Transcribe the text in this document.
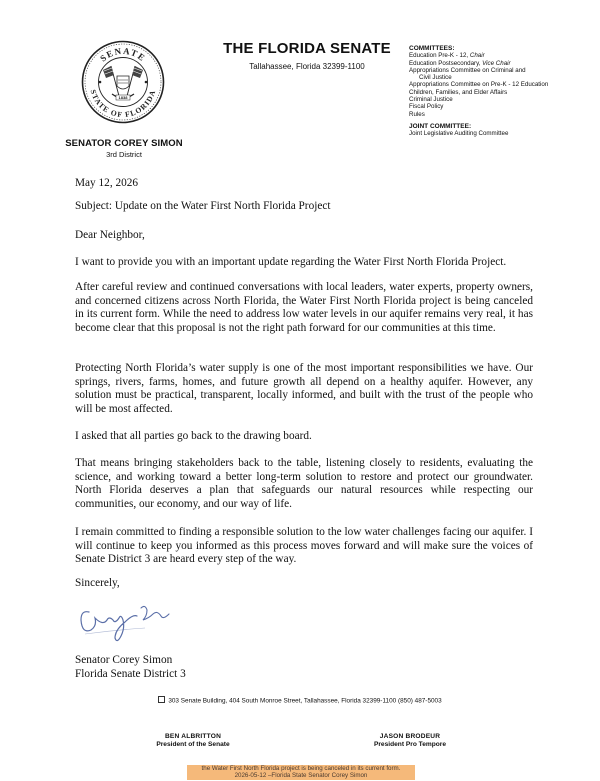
SENATE
STATE OF FLORIDA
1838
SENATOR COREY SIMON
3rd District
THE FLORIDA SENATE
Tallahassee, Florida 32399-1100
COMMITTEES:
Education Pre-K - 12, Chair
Education Postsecondary, Vice Chair
Appropriations Committee on Criminal and
Civil Justice
Appropriations Committee on Pre-K - 12 Education
Children, Families, and Elder Affairs
Criminal Justice
Fiscal Policy
Rules
JOINT COMMITTEE:
Joint Legislative Auditing Committee

May 12, 2026

Subject: Update on the Water First North Florida Project

Dear Neighbor,

I want to provide you with an important update regarding the Water First North Florida Project.

After careful review and continued conversations with local leaders, water experts, property owners, and concerned citizens across North Florida, the Water First North Florida project is being canceled in its current form. While the need to address low water levels in our aquifer remains very real, it has become clear that this proposal is not the right path forward for our communities at this time.

Protecting North Florida’s water supply is one of the most important responsibilities we have. Our springs, rivers, farms, homes, and future growth all depend on a healthy aquifer. However, any solution must be practical, transparent, locally informed, and built with the trust of the people who will be most affected.

I asked that all parties go back to the drawing board.

That means bringing stakeholders back to the table, listening closely to residents, evaluating the science, and working toward a better long-term solution to restore and protect our groundwater. North Florida deserves a plan that safeguards our natural resources while respecting our communities, our economy, and our way of life.

I remain committed to finding a responsible solution to the low water challenges facing our aquifer. I will continue to keep you informed as this process moves forward and will make sure the voices of Senate District 3 are heard every step of the way.

Sincerely,

Senator Corey Simon

Florida Senate District 3

303 Senate Building, 404 South Monroe Street, Tallahassee, Florida 32399-1100 (850) 487-5003
BEN ALBRITTON
President of the Senate
JASON BRODEUR
President Pro Tempore
the Water First North Florida project is being canceled in its current form.
2026-05-12 –Florida State Senator Corey Simon
